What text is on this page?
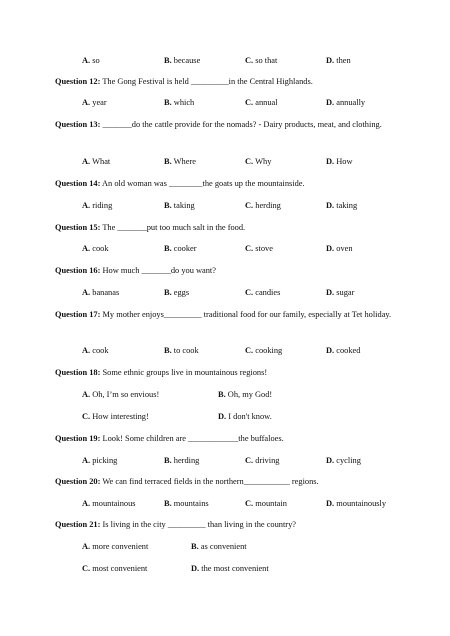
A. so	B. because	C. so that	D. then
Question 12: The Gong Festival is held _________in the Central Highlands.
A. year	B. which	C. annual	D. annually
Question 13: _______do the cattle provide for the nomads? - Dairy products, meat, and clothing.
A. What	B. Where	C. Why	D. How
Question 14: An old woman was ________the goats up the mountainside.
A. riding	B. taking	C. herding	D. taking
Question 15: The _______put too much salt in the food.
A. cook	B. cooker	C. stove	D. oven
Question 16: How much _______do you want?
A. bananas	B. eggs	C. candies	D. sugar
Question 17: My mother enjoys_________ traditional food for our family, especially at Tet holiday.
A. cook	B. to cook	C. cooking	D. cooked
Question 18: Some ethnic groups live in mountainous regions!
A. Oh, I’m so envious!	B. Oh, my God!
C. How interesting!	D. I don't know.
Question 19: Look! Some children are ____________the buffaloes.
A. picking	B. herding	C. driving	D. cycling
Question 20: We can find terraced fields in the northern___________ regions.
A. mountainous	B. mountains	C. mountain	D. mountainously
Question 21: Is living in the city _________ than living in the country?
A. more convenient	B. as convenient
C. most convenient	D. the most convenient
